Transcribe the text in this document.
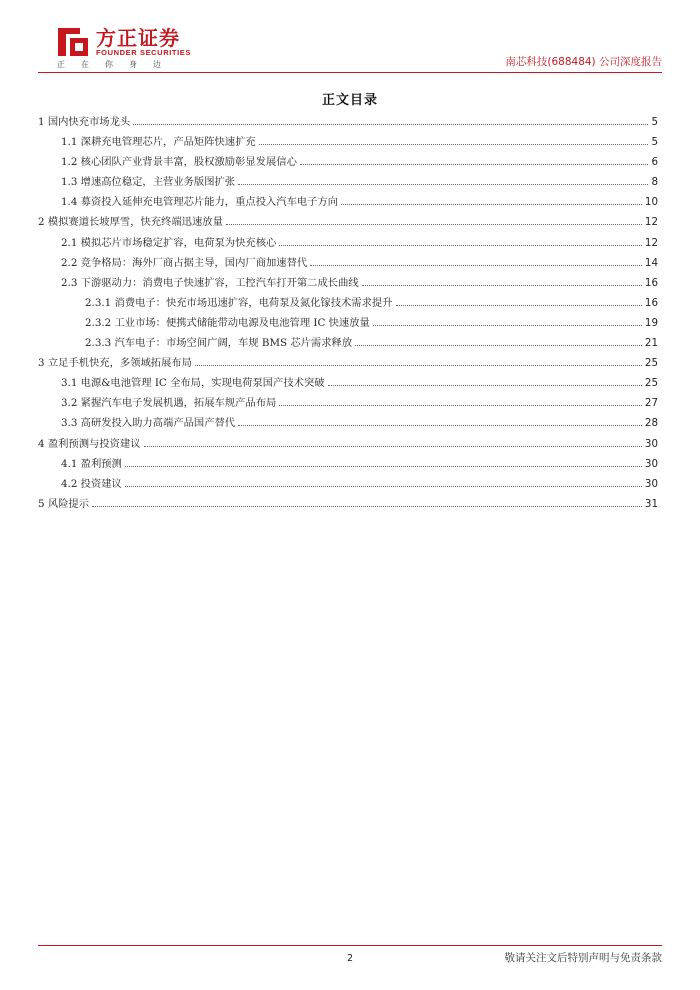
方正证券
FOUNDER SECURITIES
正在你身边	南芯科技(688484) 公司深度报告
正文目录
1 国内快充市场龙头	5
1.1 深耕充电管理芯片，产品矩阵快速扩充	5
1.2 核心团队产业背景丰富，股权激励彰显发展信心	6
1.3 增速高位稳定，主营业务版图扩张	8
1.4 募资投入延伸充电管理芯片能力，重点投入汽车电子方向	10
2 模拟赛道长坡厚雪，快充终端迅速放量	12
2.1 模拟芯片市场稳定扩容，电荷泵为快充核心	12
2.2 竞争格局：海外厂商占据主导，国内厂商加速替代	14
2.3 下游驱动力：消费电子快速扩容，工控汽车打开第二成长曲线	16
2.3.1 消费电子：快充市场迅速扩容，电荷泵及氮化镓技术需求提升	16
2.3.2 工业市场：便携式储能带动电源及电池管理 IC 快速放量	19
2.3.3 汽车电子：市场空间广阔，车规 BMS 芯片需求释放	21
3 立足手机快充，多领域拓展布局	25
3.1 电源&电池管理 IC 全布局，实现电荷泵国产技术突破	25
3.2 紧握汽车电子发展机遇，拓展车规产品布局	27
3.3 高研发投入助力高端产品国产替代	28
4 盈利预测与投资建议	30
4.1 盈利预测	30
4.2 投资建议	30
5 风险提示	31
2	敬请关注文后特别声明与免责条款
